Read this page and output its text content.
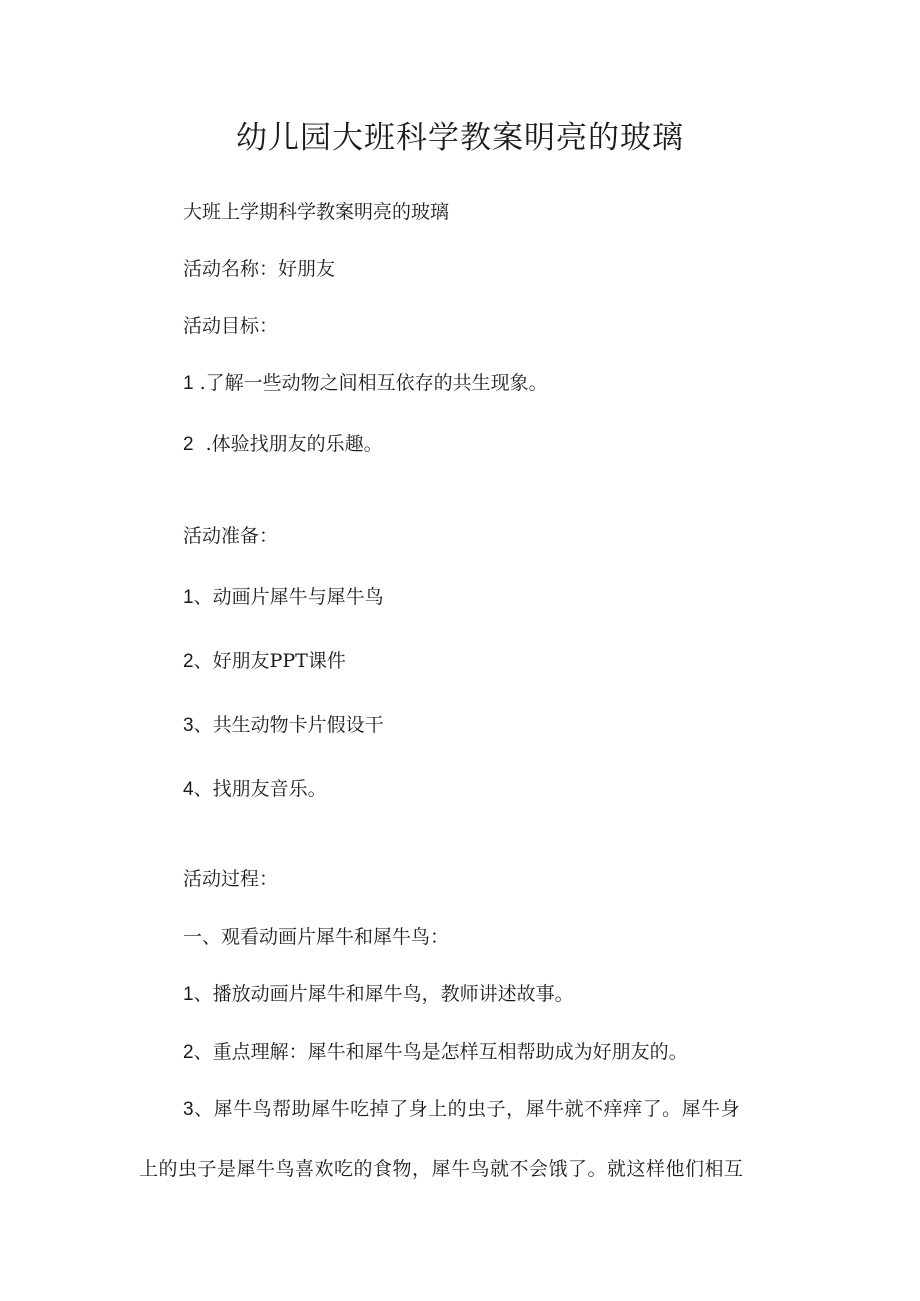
幼儿园大班科学教案明亮的玻璃
大班上学期科学教案明亮的玻璃
活动名称：好朋友
活动目标：
1 .了解一些动物之间相互依存的共生现象。
2 .体验找朋友的乐趣。
活动准备：
1、动画片犀牛与犀牛鸟
2、好朋友PPT课件
3、共生动物卡片假设干
4、找朋友音乐。
活动过程：
一、观看动画片犀牛和犀牛鸟：
1、播放动画片犀牛和犀牛鸟，教师讲述故事。
2、重点理解：犀牛和犀牛鸟是怎样互相帮助成为好朋友的。
3、犀牛鸟帮助犀牛吃掉了身上的虫子，犀牛就不痒痒了。犀牛身
上的虫子是犀牛鸟喜欢吃的食物，犀牛鸟就不会饿了。就这样他们相互
